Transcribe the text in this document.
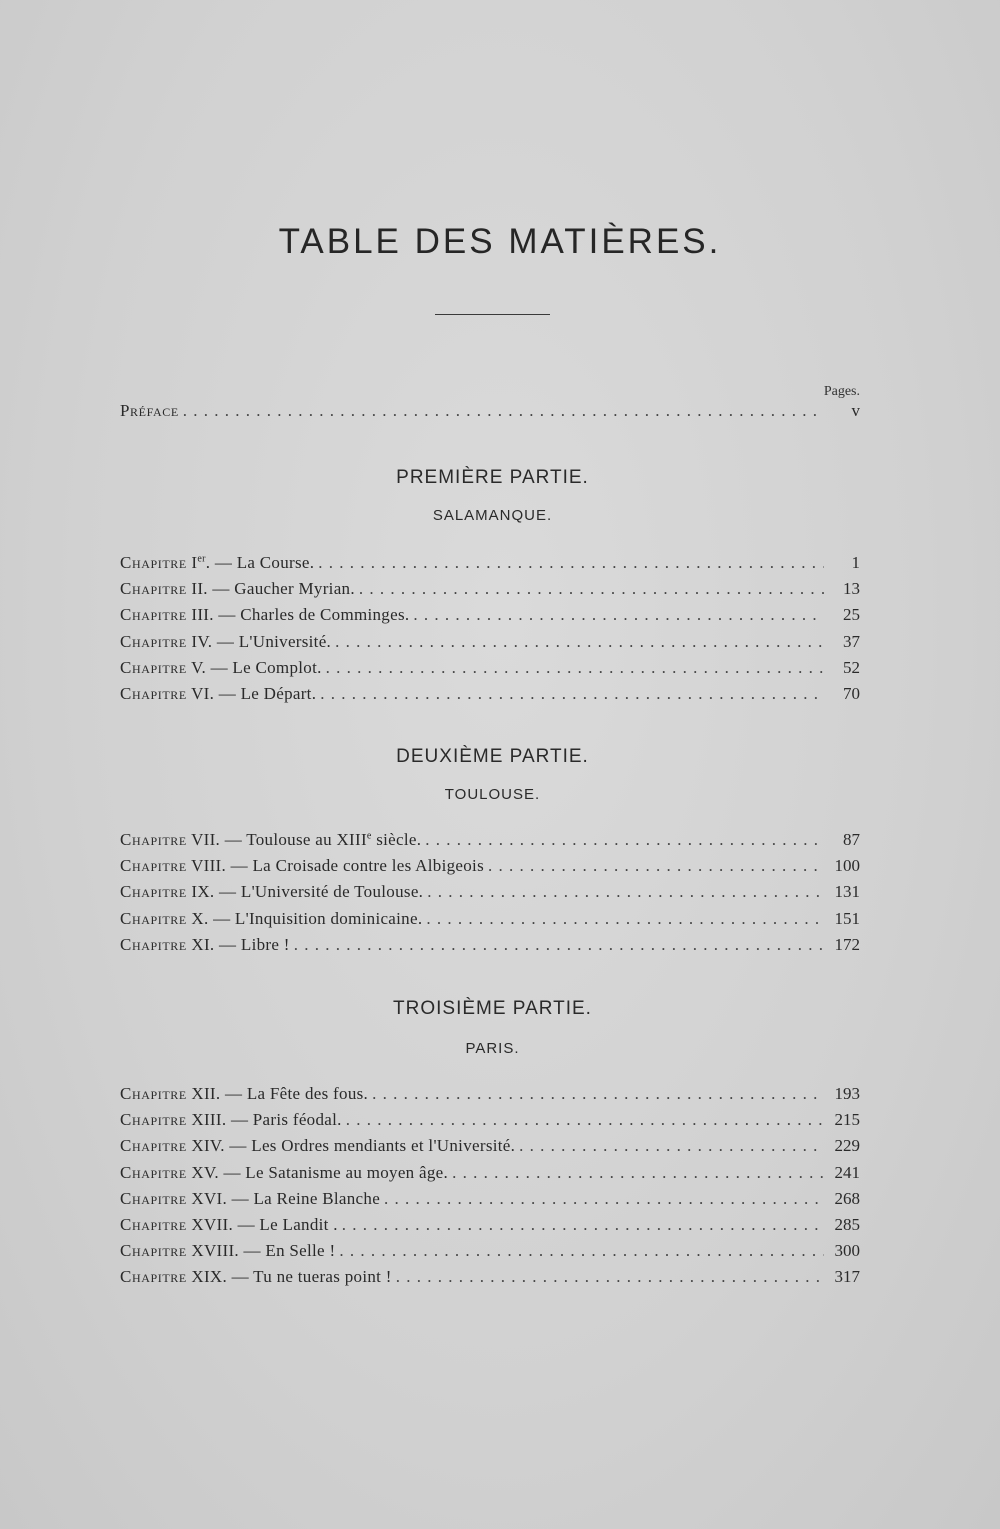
TABLE DES MATIÈRES.
Pages.
Préface . . .	v
PREMIÈRE PARTIE.
SALAMANQUE.
DEUXIÈME PARTIE.
TOULOUSE.
TROISIÈME PARTIE.
PARIS.
Chapitre Ier. — La Course. . . .	1
Chapitre II. — Gaucher Myrian. . . .	13
Chapitre III. — Charles de Comminges. . . .	25
Chapitre IV. — L'Université. . . .	37
Chapitre V. — Le Complot. . . .	52
Chapitre VI. — Le Départ. . . .	70
Chapitre VII. — Toulouse au XIIIe siècle. . . .	87
Chapitre VIII. — La Croisade contre les Albigeois . . .	100
Chapitre IX. — L'Université de Toulouse. . . .	131
Chapitre X. — L'Inquisition dominicaine. . . .	151
Chapitre XI. — Libre ! . . .	172
Chapitre XII. — La Fête des fous. . . .	193
Chapitre XIII. — Paris féodal. . . .	215
Chapitre XIV. — Les Ordres mendiants et l'Université. . . .	229
Chapitre XV. — Le Satanisme au moyen âge. . . .	241
Chapitre XVI. — La Reine Blanche . . .	268
Chapitre XVII. — Le Landit . . . .	285
Chapitre XVIII. — En Selle ! . . .	300
Chapitre XIX. — Tu ne tueras point ! . . .	317
